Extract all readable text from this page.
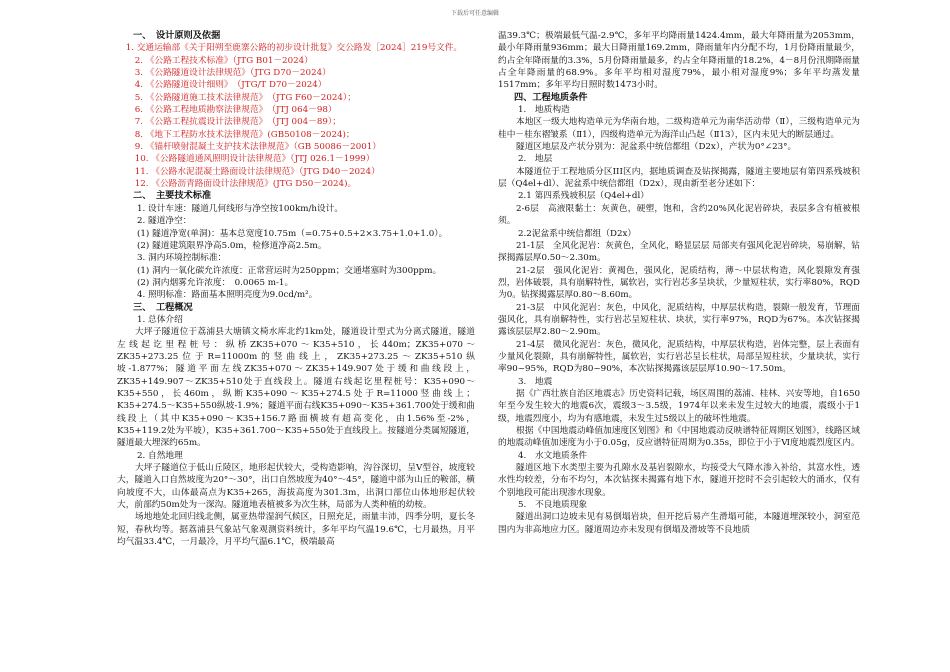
下载后可任意编辑

一、　设计原则及依据

　1. 交通运输部《关于阳朔至鹿寨公路的初步设计批复》交公路发［2024］219号文件。

　2. 《公路工程技术标准》（JTG B01－2024）

　3. 《公路隧道设计法律规范》（JTG D70－2024）

　4. 《公路隧道设计细则》　（JTG/T D70－2024）

　5. 《公路隧道施工技术法律规范》　（JTG F60－2024）；

　6. 《公路工程地质勘察法律规范》　（JTJ 064－98）

　7. 《公路工程抗震设计法律规范》　（JTJ 004－89）；

　8. 《地下工程防水技术法律规范》(GB50108－2024)；

　9. 《锚杆喷射混凝土支护技术法律规范》（GB 50086－2001）

　10. 《公路隧道通风照明设计法律规范》（JTJ 026.1－1999）

　11. 《公路水泥混凝土路面设计法律规范》（JTG D40－2024）

　12. 《公路沥青路面设计法律规范》(JTG D50－2024)。

二、　主要技术标准

1. 设计车速：隧道几何线形与净空按100km/h设计。

2. 隧道净空：

(1) 隧道净宽(单洞)：基本总宽度10.75m（=0.75+0.5+2×3.75+1.0+1.0）。

(2) 隧道建筑限界净高5.0m，检修道净高2.5m。

3. 洞内环境控制标准：

(1) 洞内一氧化碳允许浓度：正常营运时为250ppm；交通堵塞时为300ppm。

(2) 洞内烟雾允许浓度：　0.0065 m-1。

4. 照明标准：路面基本照明亮度为9.0cd/m²。

三、　工程概况

1. 总体介绍

大坪子隧道位于荔浦县大塘镇文椅水库北约1km处，隧道设计型式为分离式隧道，隧道左线起讫里程桩号：纵桥ZK35+070～K35+510，长440m；ZK35+070～ZK35+273.25位于R=11000m的竖曲线上，ZK35+273.25～ZK35+510纵坡-1.877%；隧道平面左线ZK35+070～ZK35+149.907处于缓和曲线段上，ZK35+149.907～ZK35+510处于直线段上。隧道右线起讫里程桩号：K35+090～K35+550，长460m，纵断K35+090～K35+274.5处于R=11000竖曲线上；K35+274.5～K35+550纵坡-1.9%；隧道平面右线K35+090～K35+361.700处于缓和曲线段上（其中K35+090～K35+156.7路面横坡有超高变化，由1.56%至-2%，K35+119.2处为平坡），K35+361.700～K35+550处于直线段上。按隧道分类属短隧道，隧道最大埋深约65m。

2. 自然地理

大坪子隧道位于低山丘陵区，地形起伏较大，受构造影响，沟谷深切，呈V型谷，坡度较大，隧道入口自然坡度为20°～30°，出口自然坡度为40°～45°，隧道中部为山丘的鞍部，横向坡度不大，山体最高点为K35+265，海拔高度为301.3m，出洞口部位山体地形起伏较大，前部约50m处为一深沟。隧道地表植被多为次生林，局部为人类种植的幼桉。

场地地处北回归线北侧，属亚热带湿润气候区，日照充足，雨量丰沛，四季分明，夏长冬短，春秋均等。据荔浦县气象站气象观测资料统计，多年平均气温19.6℃，七月最热，月平均气温33.4℃，一月最冷，月平均气温6.1℃，极端最高

温39.3℃；极端最低气温-2.9℃，多年平均降雨量1424.4mm，最大年降雨量为2053mm，最小年降雨量936mm；最大日降雨量169.2mm，降雨量年内分配不均，1月份降雨量最少，约占全年降雨量的3.3%，5月份降雨量最多，约占全年降雨量的18.2%，4－8月份汛期降雨量占全年降雨量的68.9%。多年平均相对湿度79%，最小相对湿度9%；多年平均蒸发量1517mm；多年平均日照时数1473小时。

四、工程地质条件

1.　地质构造

本地区一级大地构造单元为华南台地，二级构造单元为南华活动带（Ⅱ），三级构造单元为桂中－桂东褶皱系（Ⅱ1），四级构造单元为海洋山凸起（Ⅱ13），区内未见大的断层通过。

隧道区地层及产状分别为：泥盆系中统信都组（D2x），产状为0°∠23°。

2.　地层

本隧道位于工程地质分区III区内，据地质调查及钻探揭露，隧道主要地层有第四系残坡积层（Q4el+dl）、泥盆系中统信都组（D2x），现由新至老分述如下：

2.1 第四系残坡积层（Q4el+dl）

2-6层　高液限黏土：灰黄色，硬塑，饱和，含约20%风化泥岩碎块，表层多含有植被根须。

2.2泥盆系中统信都组（D2x）

21-1层　全风化泥岩：灰黄色，全风化，略显层层 局部夹有强风化泥岩碎块，易崩解，钻探揭露层厚0.50～2.30m。

21-2层　强风化泥岩：黄褐色，强风化，泥质结构，薄～中层状构造，风化裂隙发育强烈，岩体破裂，具有崩解特性，属软岩，实行岩芯多呈块状，少量短柱状，实行率80%，RQD为0。钻探揭露层厚0.80～8.60m。

21-3层　中风化泥岩：灰色，中风化，泥质结构，中厚层状构造，裂隙一般发育，节理面强风化，具有崩解特性，实行岩芯呈短柱状、块状，实行率97%，RQD为67%。本次钻探揭露该层层厚2.80～2.90m。

21-4层　微风化泥岩：灰色，微风化，泥质结构，中厚层状构造，岩体完整，层上表面有少量风化裂隙，具有崩解特性，属软岩，实行岩芯呈长柱状，局部呈短柱状，少量块状，实行率90~95%，RQD为80~90%，本次钻探揭露该层层厚10.90～17.50m。

3.　地震

据《广西壮族自治区地震志》历史资料记载，场区周围的荔浦、桂林、兴安等地，自1650年至今发生较大的地震6次，震级3～3.5级，1974年以来未发生过较大的地震，震级小于1级，地震烈度小，均为有感地震，未发生过5级以上的破坏性地震。

根据《中国地震动峰值加速度区划图》和《中国地震动反映谱特征周期区划图》，线路区域的地震动峰值加速度为小于0.05g，反应谱特征周期为0.35s，即位于小于Ⅵ度地震烈度区内。

4.　水文地质条件

隧道区地下水类型主要为孔隙水及基岩裂隙水，均接受大气降水渗入补给，其富水性，透水性均较差，分布不均匀，本次钻探未揭露有地下水，隧道开挖时不会引起较大的涌水，仅有个别地段可能出现渗水现象。

5.　不良地质现象

隧道出洞口边坡未见有易倒塌岩块，但开挖后易产生滑塌可能，本隧道埋深较小，洞室范围内为非高地应力区。隧道周边亦未发现有倒塌及滑坡等不良地质
